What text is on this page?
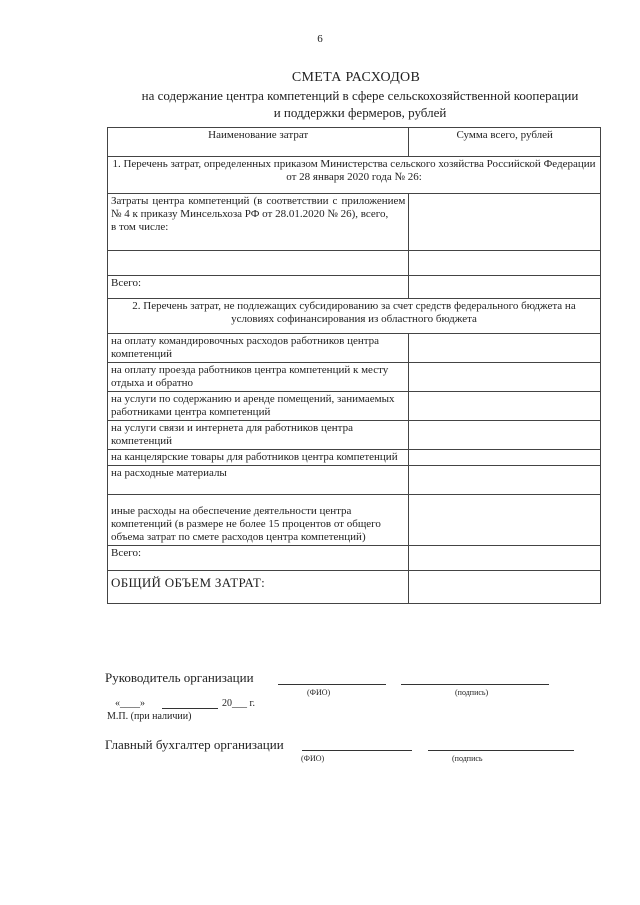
6
СМЕТА РАСХОДОВ
на содержание центра компетенций в сфере сельскохозяйственной кооперации
и поддержки фермеров, рублей
Наименование затрат	Сумма всего, рублей
1. Перечень затрат, определенных приказом Министерства сельского хозяйства Российской Федерации от 28 января 2020 года № 26:	

Затраты центра компетенций (в соответствии с приложением № 4 к приказу Минсельхоза РФ от 28.01.2020 № 26), всего,
в том числе:	

Всего:	
2. Перечень затрат, не подлежащих субсидированию за счет средств федерального бюджета на условиях софинансирования из областного бюджета	
на оплату командировочных расходов работников центра компетенций	
на оплату проезда работников центра компетенций к месту отдыха и обратно	
на услуги по содержанию и аренде помещений, занимаемых работниками центра компетенций	
на услуги связи и интернета для работников центра компетенций	
на канцелярские товары для работников центра компетенций	
на расходные материалы	
иные расходы на обеспечение деятельности центра компетенций (в размере не более 15 процентов от общего объема затрат по смете расходов центра компетенций)	
Всего:	
ОБЩИЙ ОБЪЕМ ЗАТРАТ:	
Руководитель организации
(ФИО)	(подпись)
«____»	20___ г.
М.П. (при наличии)
Главный бухгалтер организации
(ФИО)	(подпись
